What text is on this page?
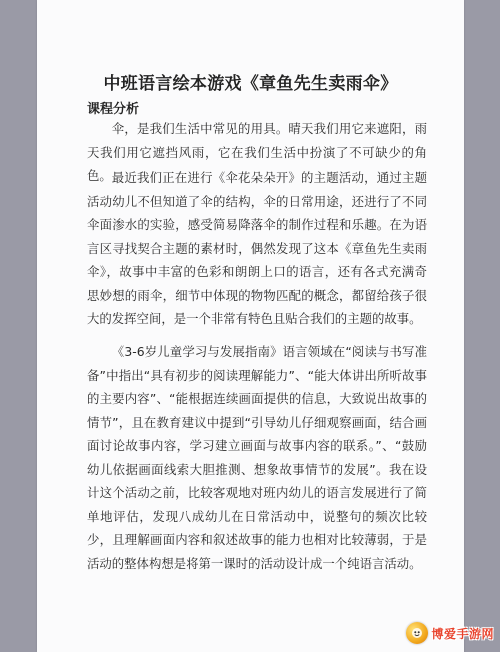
中班语言绘本游戏《章鱼先生卖雨伞》
课程分析

伞，是我们生活中常见的用具。晴天我们用它来遮阳，雨天我们用它遮挡风雨，它在我们生活中扮演了不可缺少的角色。 最近我们正在进行《伞花朵朵开》的主题活动，通过主题活动幼儿不但知道了伞的结构，伞的日常用途，还进行了不同伞面渗水的实验，感受简易降落伞的制作过程和乐趣。在为语言区寻找契合主题的素材时，偶然发现了这本《章鱼先生卖雨伞》，故事中丰富的色彩和朗朗上口的语言，还有各式充满奇思妙想的雨伞，细节中体现的物物匹配的概念，都留给孩子很大的发挥空间，是一个非常有特色且贴合我们的主题的故事。

《3-6岁儿童学习与发展指南》语言领域在“阅读与书写准备”中指出“具有初步的阅读理解能力”、“能大体讲出所听故事的主要内容”、“能根据连续画面提供的信息，大致说出故事的情节”，且在教育建议中提到“引导幼儿仔细观察画面，结合画面讨论故事内容，学习建立画面与故事内容的联系。”、“鼓励幼儿依据画面线索大胆推测、想象故事情节的发展”。我在设计这个活动之前，比较客观地对班内幼儿的语言发展进行了简单地评估，发现八成幼儿在日常活动中，说整句的频次比较少，且理解画面内容和叙述故事的能力也相对比较薄弱，于是活动的整体构想是将第一课时的活动设计成一个纯语言活动。

博爱手游网
